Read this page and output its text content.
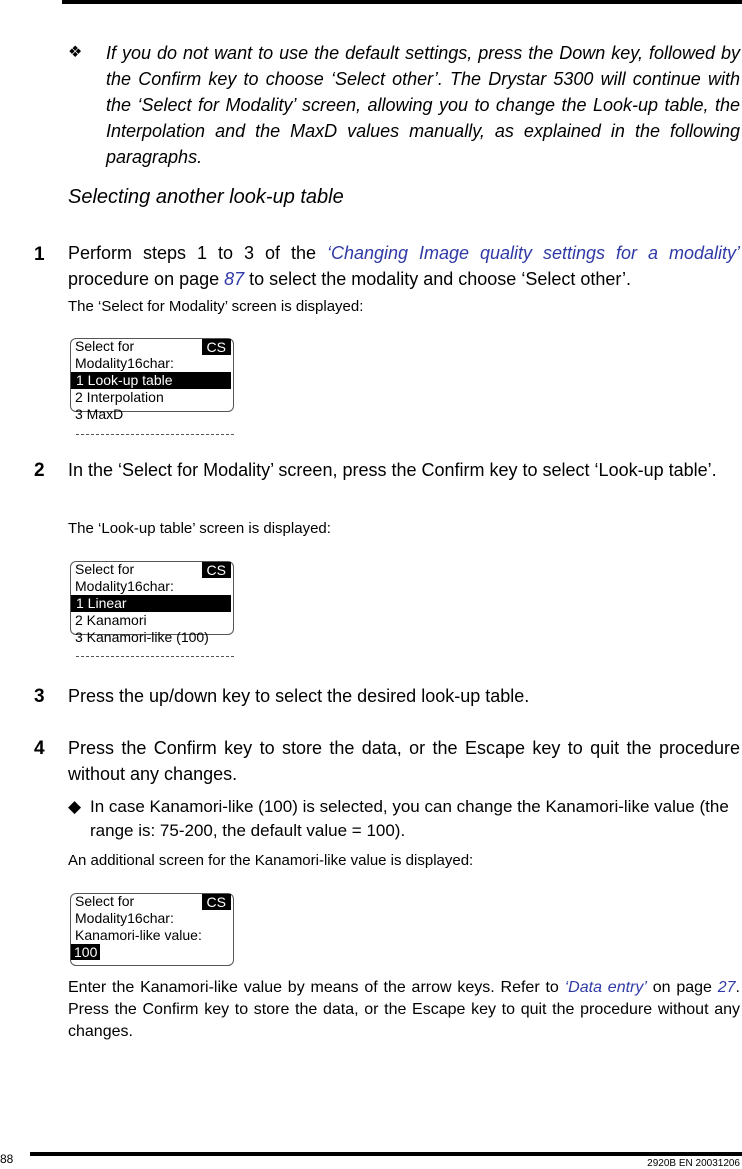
❖ If you do not want to use the default settings, press the Down key, followed by the Confirm key to choose ‘Select other’. The Drystar 5300 will continue with the ‘Select for Modality’ screen, allowing you to change the Look-up table, the Interpolation and the MaxD values manually, as explained in the following paragraphs.
Selecting another look-up table
1 Perform steps 1 to 3 of the ‘Changing Image quality settings for a modality’ procedure on page 87 to select the modality and choose ‘Select other’.
The ‘Select for Modality’ screen is displayed:
CS
Select for
Modality16char:
1 Look-up table
2 Interpolation
3 MaxD
2 In the ‘Select for Modality’ screen, press the Confirm key to select ‘Look-up table’.
The ‘Look-up table’ screen is displayed:
CS
Select for
Modality16char:
1 Linear
2 Kanamori
3 Kanamori-like (100)
3 Press the up/down key to select the desired look-up table.
4 Press the Confirm key to store the data, or the Escape key to quit the procedure without any changes.
◆ In case Kanamori-like (100) is selected, you can change the Kanamori-like value (the range is: 75-200, the default value = 100).
An additional screen for the Kanamori-like value is displayed:
CS
Select for
Modality16char:
Kanamori-like value:
100
Enter the Kanamori-like value by means of the arrow keys. Refer to ‘Data entry’ on page 27. Press the Confirm key to store the data, or the Escape key to quit the procedure without any changes.
88	2920B EN 20031206
